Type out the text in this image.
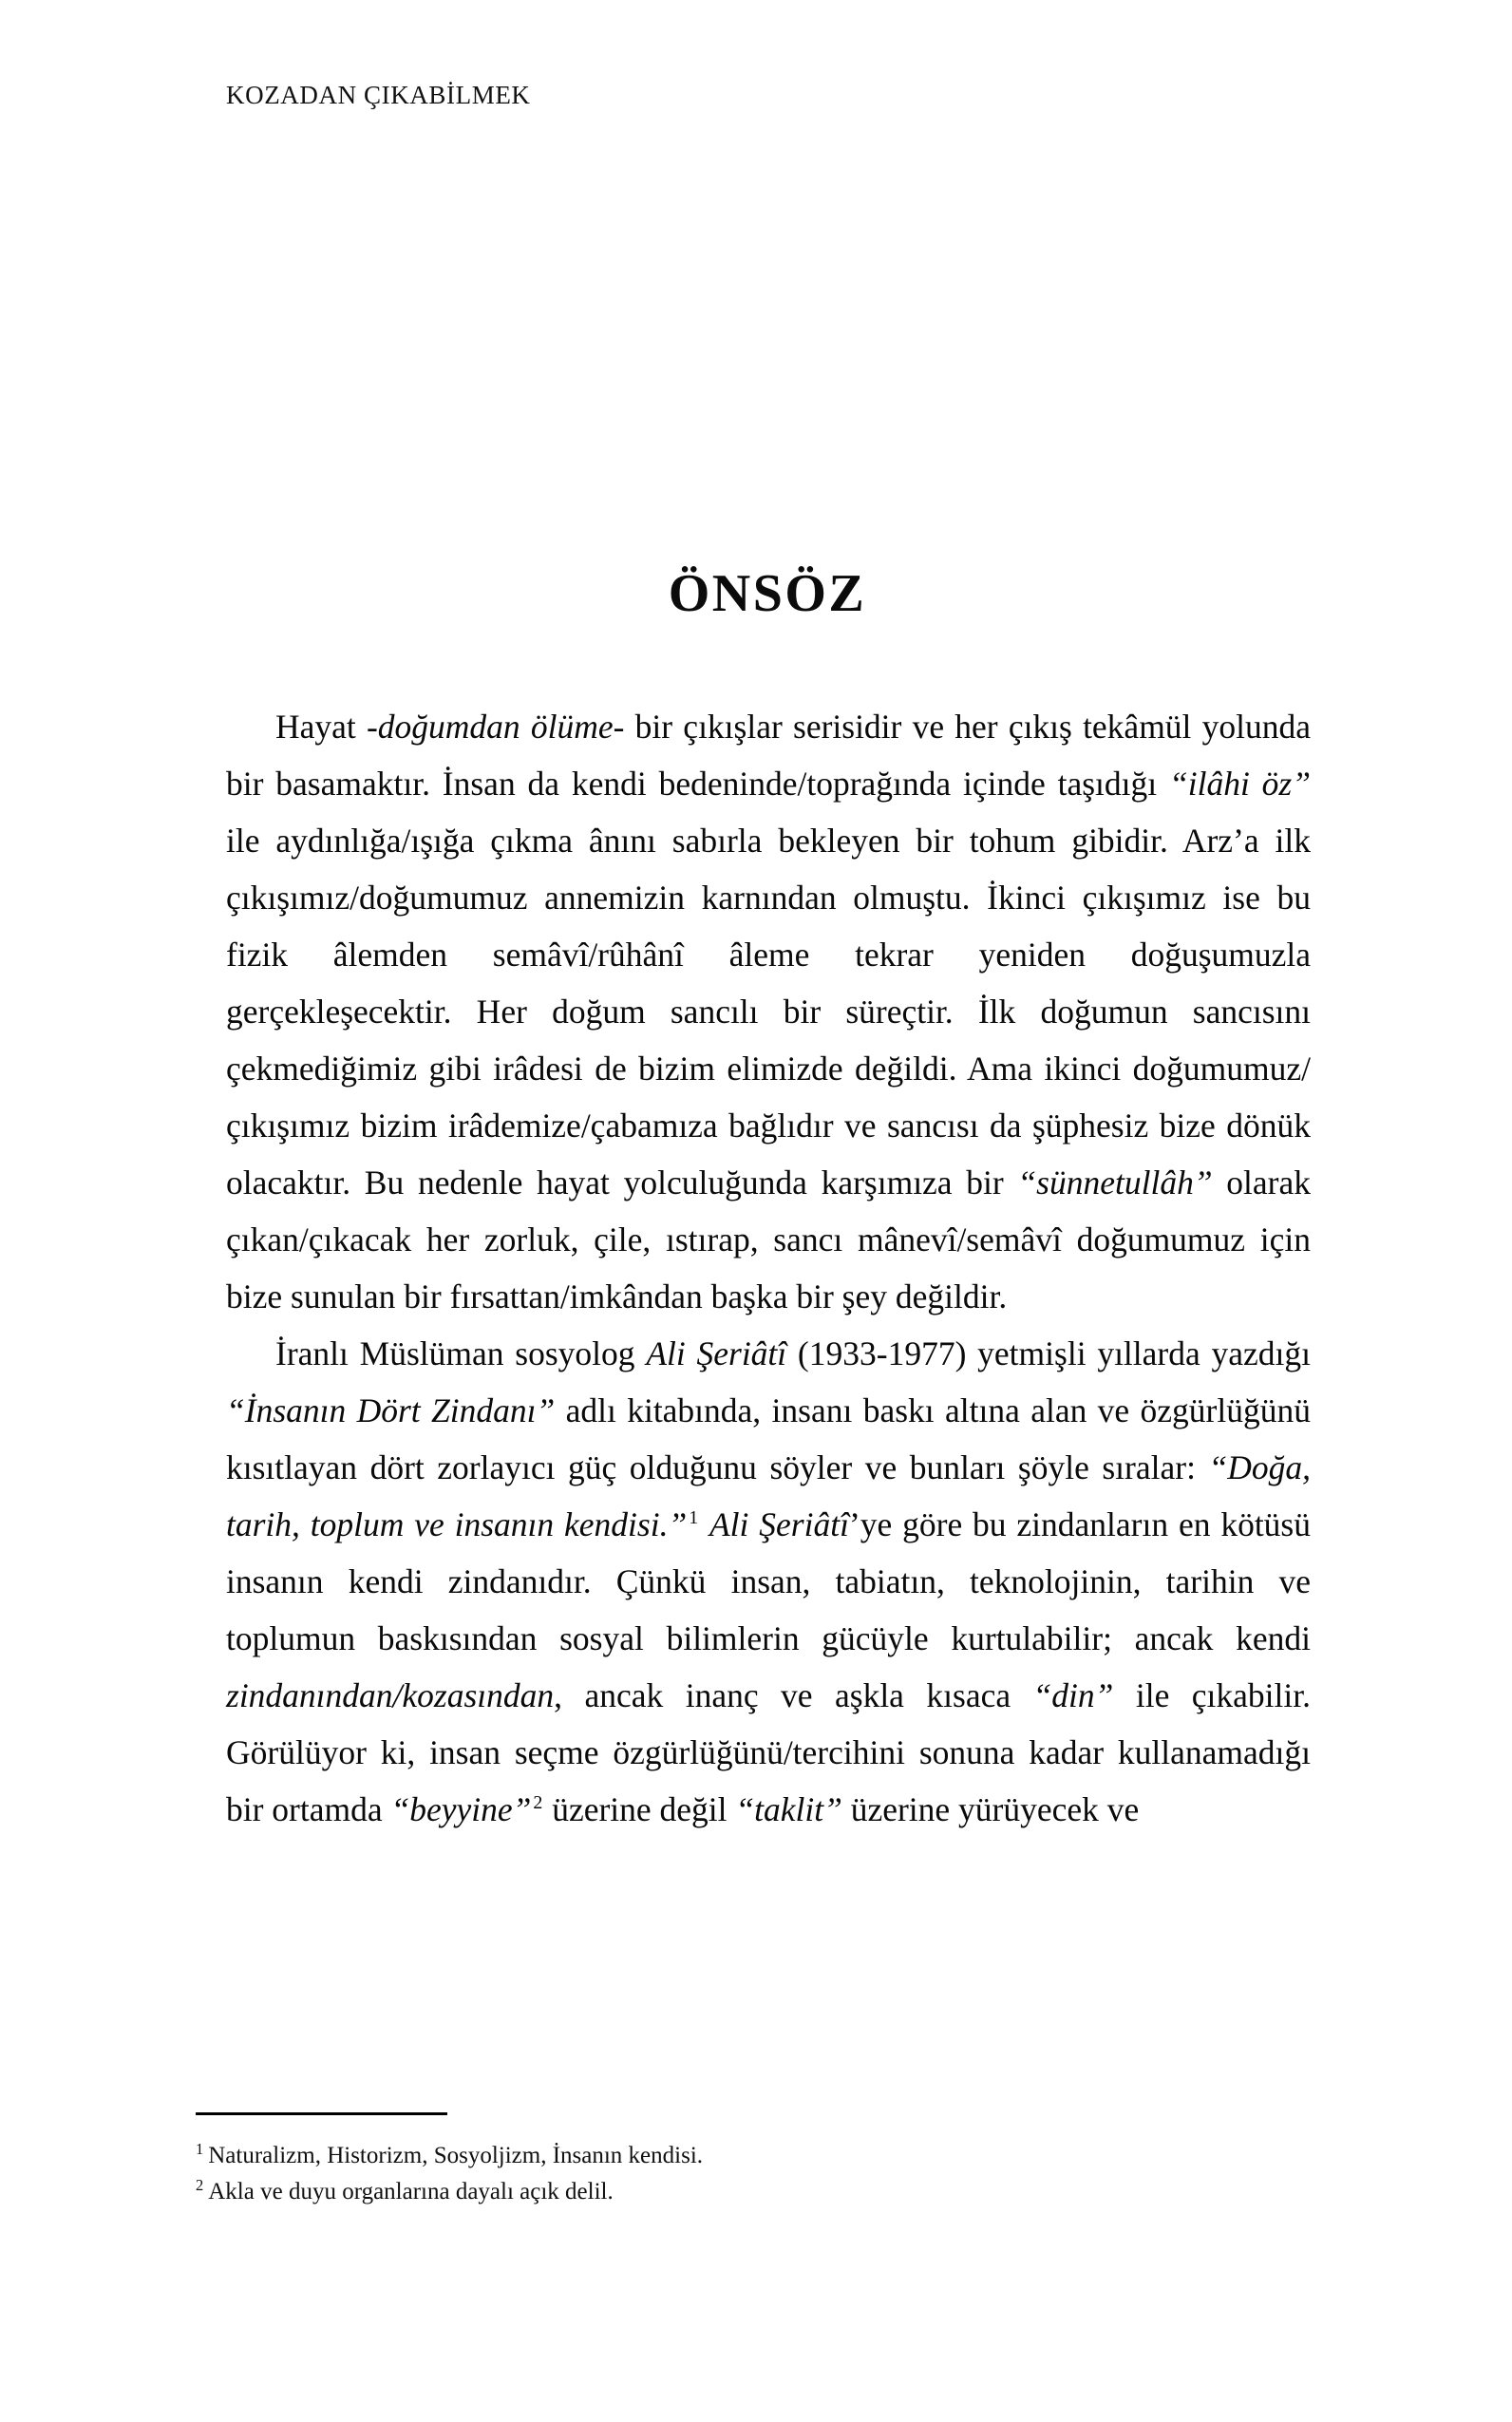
KOZADAN ÇIKABİLMEK
ÖNSÖZ

Hayat -doğumdan ölüme- bir çıkışlar serisidir ve her çıkış tekâmül yolunda bir basamaktır. İnsan da kendi bedeninde/toprağında içinde taşıdığı “ilâhi öz” ile aydınlığa/ışığa çıkma ânını sabırla bekleyen bir tohum gibidir. Arz’a ilk çıkışımız/doğumumuz annemizin karnından olmuştu. İkinci çıkışımız ise bu fizik âlemden semâvî/rûhânî âleme tekrar yeniden doğuşumuzla gerçekleşecektir. Her doğum sancılı bir süreçtir. İlk doğumun sancısını çekmediğimiz gibi irâdesi de bizim elimizde değildi. Ama ikinci doğumumuz/çıkışımız bizim irâdemize/çabamıza bağlıdır ve sancısı da şüphesiz bize dönük olacaktır. Bu nedenle hayat yolculuğunda karşımıza bir “sünnetullâh” olarak çıkan/çıkacak her zorluk, çile, ıstırap, sancı mânevî/semâvî doğumumuz için bize sunulan bir fırsattan/imkândan başka bir şey değildir.

İranlı Müslüman sosyolog Ali Şeriâtî (1933-1977) yetmişli yıllarda yazdığı “İnsanın Dört Zindanı” adlı kitabında, insanı baskı altına alan ve özgürlüğünü kısıtlayan dört zorlayıcı güç olduğunu söyler ve bunları şöyle sıralar: “Doğa, tarih, toplum ve insanın kendisi.” $^1$ Ali Şeriâtî’ye göre bu zindanların en kötüsü insanın kendi zindanıdır. Çünkü insan, tabiatın, teknolojinin, tarihin ve toplumun baskısından sosyal bilimlerin gücüyle kurtulabilir; ancak kendi zindanından/kozasından, ancak inanç ve aşkla kısaca “din” ile çıkabilir. Görülüyor ki, insan seçme özgürlüğünü/tercihini sonuna kadar kullanamadığı bir ortamda “beyyine” $^2$ üzerine değil “taklit” üzerine yürüyecek ve

$^1$ Naturalizm, Historizm, Sosyoljizm, İnsanın kendisi.

$^2$ Akla ve duyu organlarına dayalı açık delil.
